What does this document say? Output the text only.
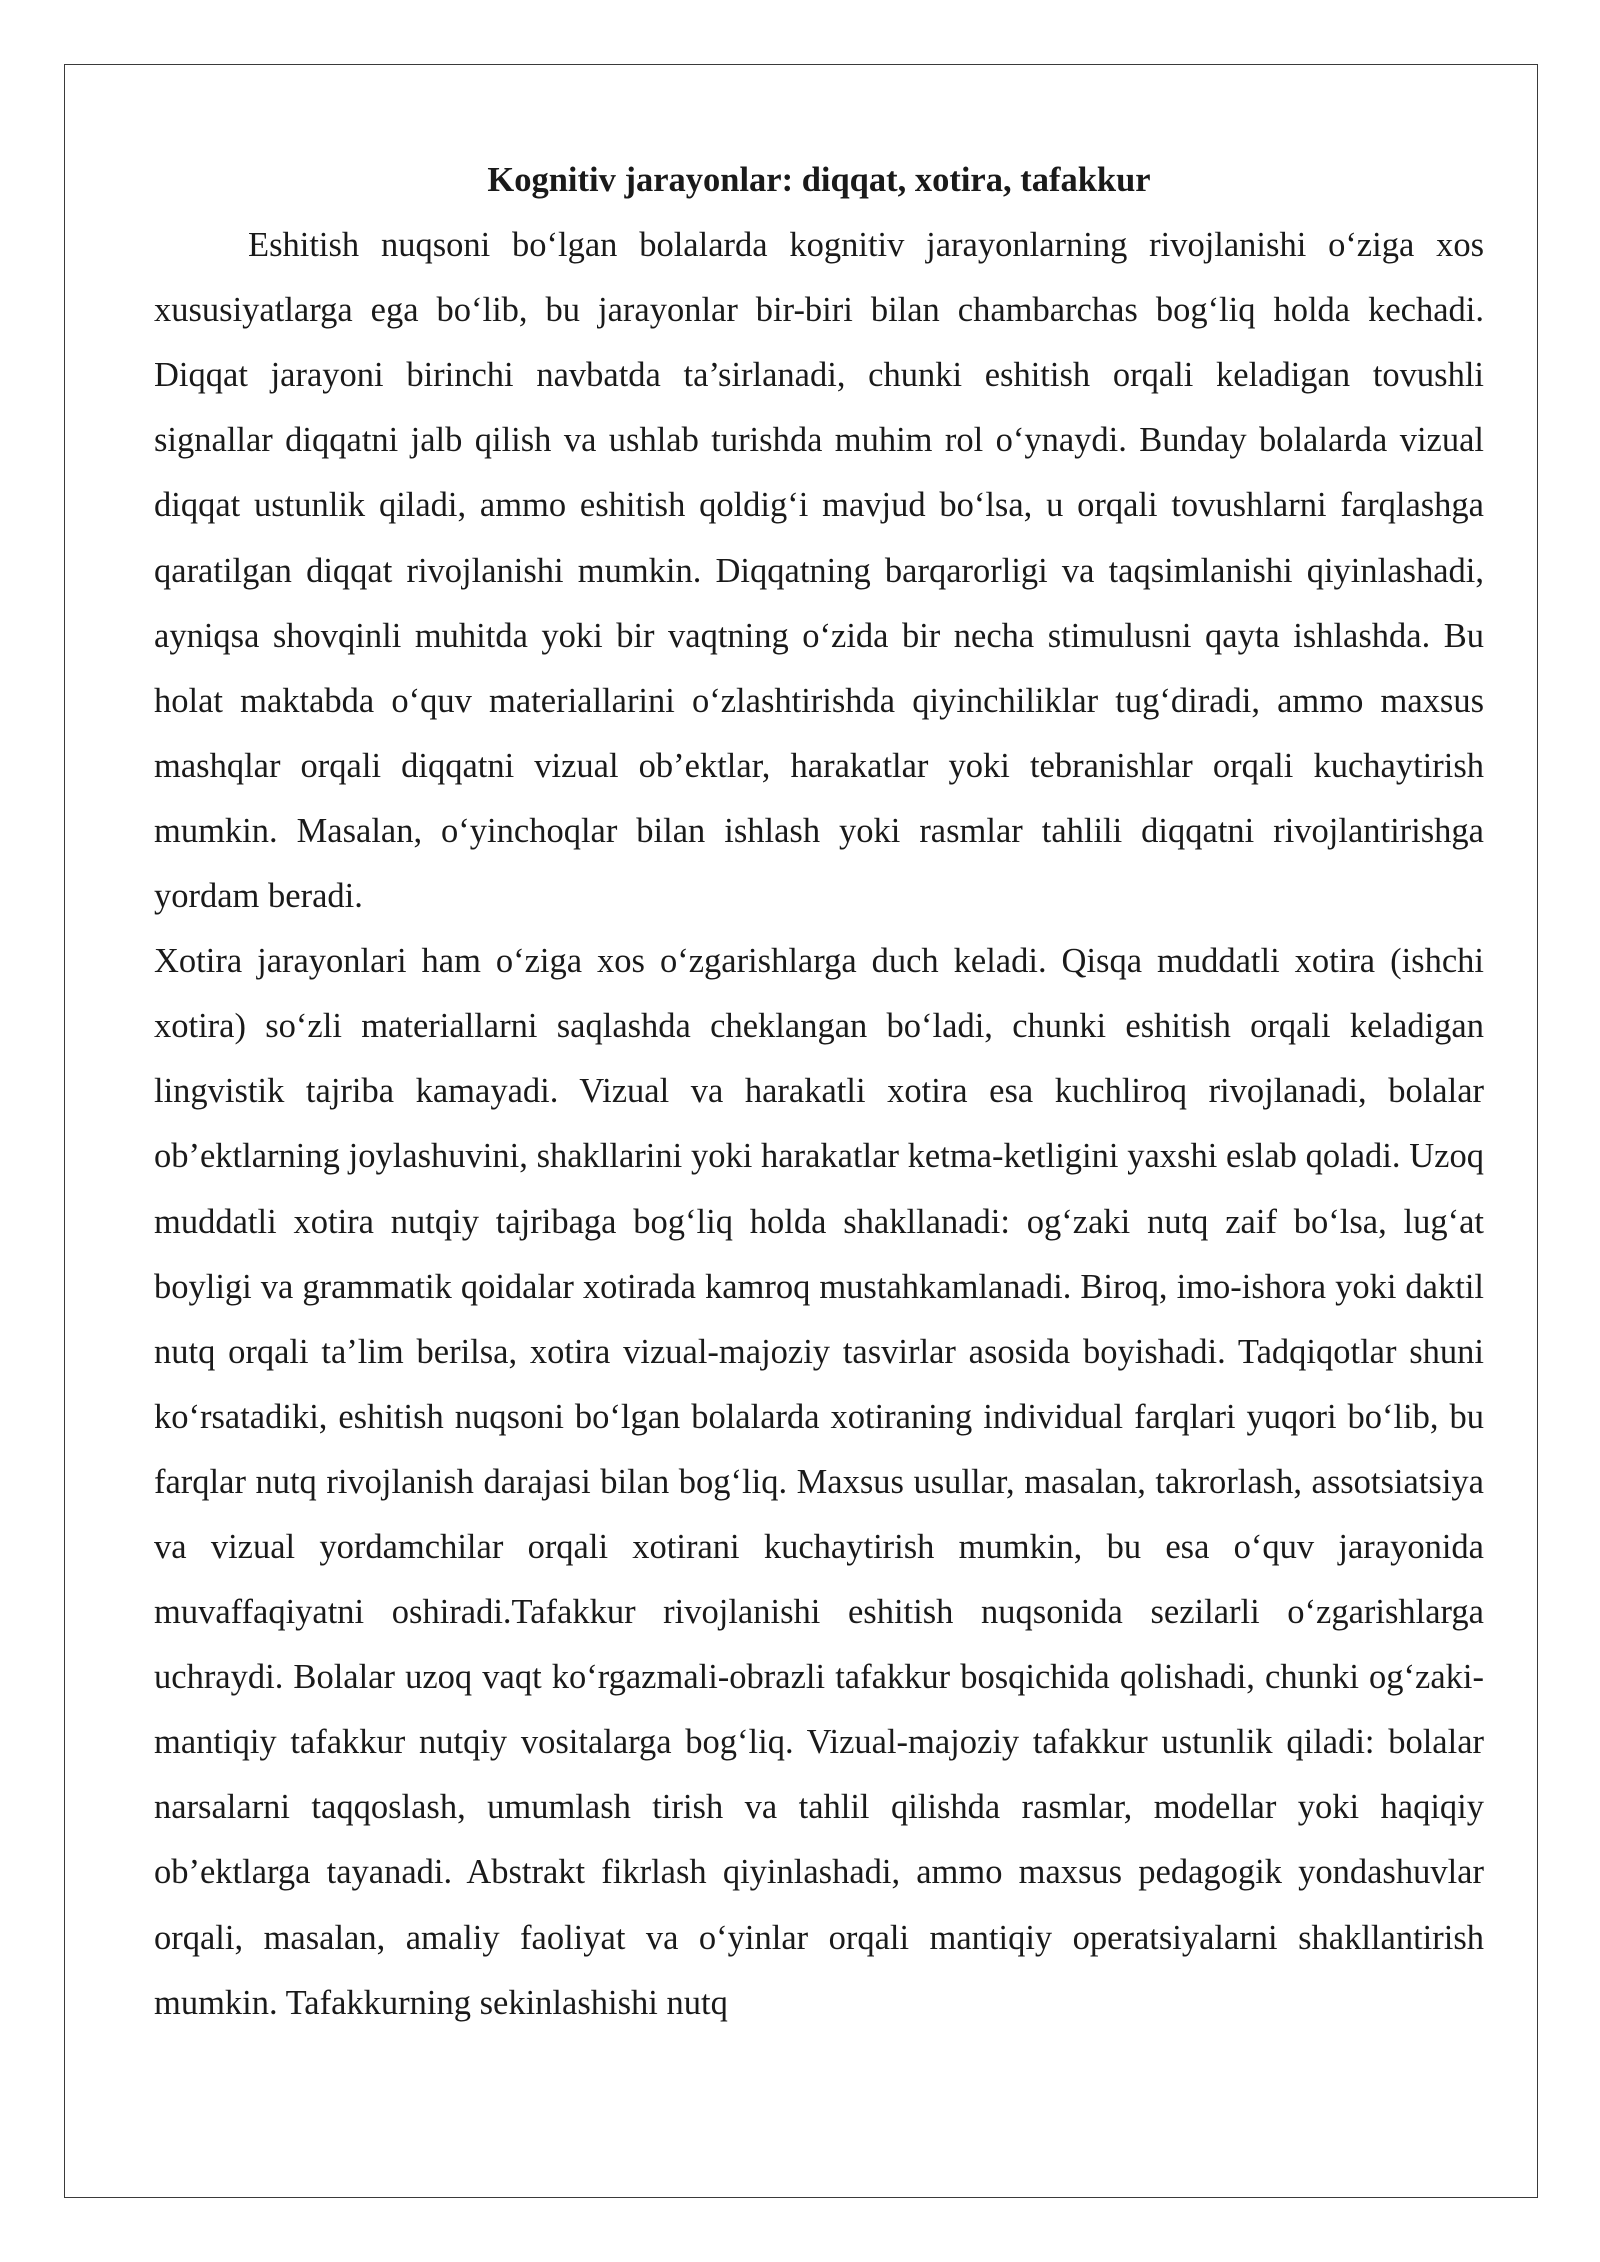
Kognitiv jarayonlar: diqqat, xotira, tafakkur

Eshitish nuqsoni bo‘lgan bolalarda kognitiv jarayonlarning rivojlanishi o‘ziga xos xususiyatlarga ega bo‘lib, bu jarayonlar bir-biri bilan chambarchas bog‘liq holda kechadi. Diqqat jarayoni birinchi navbatda ta’sirlanadi, chunki eshitish orqali keladigan tovushli signallar diqqatni jalb qilish va ushlab turishda muhim rol o‘ynaydi. Bunday bolalarda vizual diqqat ustunlik qiladi, ammo eshitish qoldig‘i mavjud bo‘lsa, u orqali tovushlarni farqlashga qaratilgan diqqat rivojlanishi mumkin. Diqqatning barqarorligi va taqsimlanishi qiyinlashadi, ayniqsa shovqinli muhitda yoki bir vaqtning o‘zida bir necha stimulusni qayta ishlashda. Bu holat maktabda o‘quv materiallarini o‘zlashtirishda qiyinchiliklar tug‘diradi, ammo maxsus mashqlar orqali diqqatni vizual ob’ektlar, harakatlar yoki tebranishlar orqali kuchaytirish mumkin. Masalan, o‘yinchoqlar bilan ishlash yoki rasmlar tahlili diqqatni rivojlantirishga yordam beradi.

Xotira jarayonlari ham o‘ziga xos o‘zgarishlarga duch keladi. Qisqa muddatli xotira (ishchi xotira) so‘zli materiallarni saqlashda cheklangan bo‘ladi, chunki eshitish orqali keladigan lingvistik tajriba kamayadi. Vizual va harakatli xotira esa kuchliroq rivojlanadi, bolalar ob’ektlarning joylashuvini, shakllarini yoki harakatlar ketma-ketligini yaxshi eslab qoladi. Uzoq muddatli xotira nutqiy tajribaga bog‘liq holda shakllanadi: og‘zaki nutq zaif bo‘lsa, lug‘at boyligi va grammatik qoidalar xotirada kamroq mustahkamlanadi. Biroq, imo-ishora yoki daktil nutq orqali ta’lim berilsa, xotira vizual-majoziy tasvirlar asosida boyishadi. Tadqiqotlar shuni ko‘rsatadiki, eshitish nuqsoni bo‘lgan bolalarda xotiraning individual farqlari yuqori bo‘lib, bu farqlar nutq rivojlanish darajasi bilan bog‘liq. Maxsus usullar, masalan, takrorlash, assotsiatsiya va vizual yordamchilar orqali xotirani kuchaytirish mumkin, bu esa o‘quv jarayonida muvaffaqiyatni oshiradi.Tafakkur rivojlanishi eshitish nuqsonida sezilarli o‘zgarishlarga uchraydi. Bolalar uzoq vaqt ko‘rgazmali-obrazli tafakkur bosqichida qolishadi, chunki og‘zaki-mantiqiy tafakkur nutqiy vositalarga bog‘liq. Vizual-majoziy tafakkur ustunlik qiladi: bolalar narsalarni taqqoslash, umumlash tirish va tahlil qilishda rasmlar, modellar yoki haqiqiy ob’ektlarga tayanadi. Abstrakt fikrlash qiyinlashadi, ammo maxsus pedagogik yondashuvlar orqali, masalan, amaliy faoliyat va o‘yinlar orqali mantiqiy operatsiyalarni shakllantirish mumkin. Tafakkurning sekinlashishi nutq
